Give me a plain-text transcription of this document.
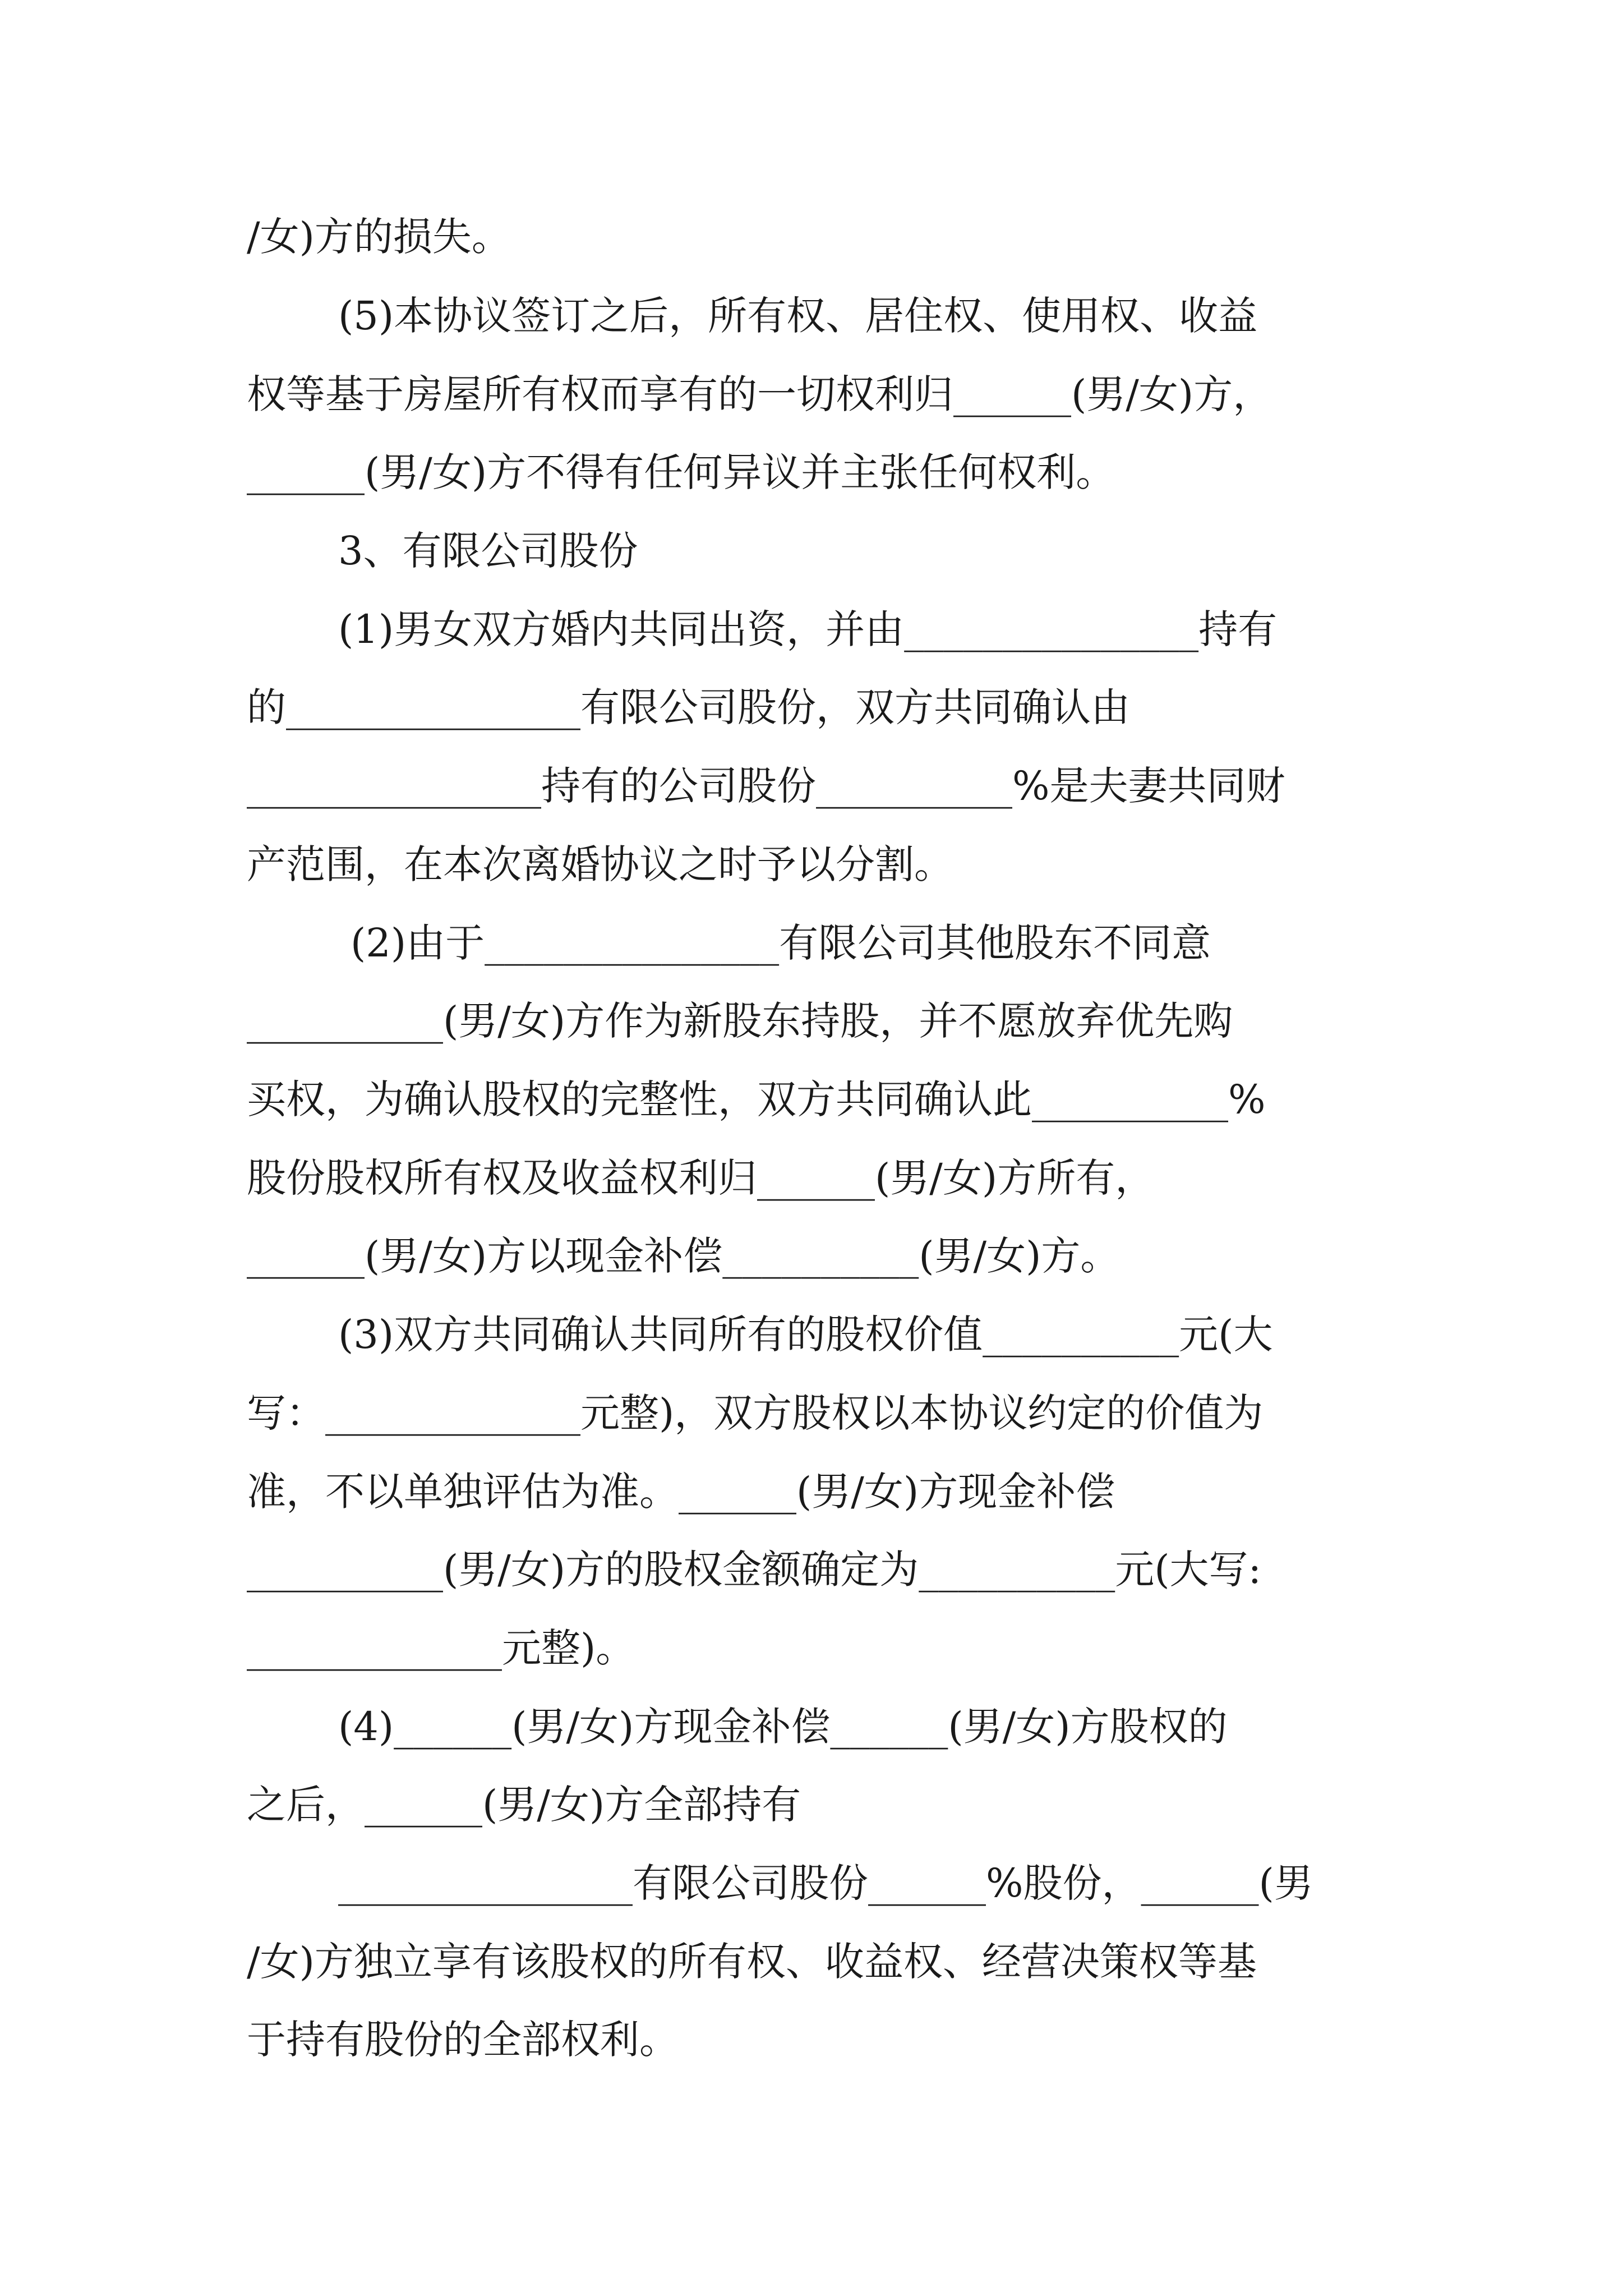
/女)方的损失。
(5)本协议签订之后，所有权、居住权、使用权、收益
权等基于房屋所有权而享有的一切权利归______(男/女)方，
______(男/女)方不得有任何异议并主张任何权利。
3、有限公司股份
(1)男女双方婚内共同出资，并由_______________持有
的_______________有限公司股份，双方共同确认由
_______________持有的公司股份__________%是夫妻共同财
产范围，在本次离婚协议之时予以分割。
(2)由于_______________有限公司其他股东不同意
__________(男/女)方作为新股东持股，并不愿放弃优先购
买权，为确认股权的完整性，双方共同确认此__________%
股份股权所有权及收益权利归______(男/女)方所有，
______(男/女)方以现金补偿__________(男/女)方。
(3)双方共同确认共同所有的股权价值__________元(大
写：_____________元整)，双方股权以本协议约定的价值为
准，不以单独评估为准。______(男/女)方现金补偿
__________(男/女)方的股权金额确定为__________元(大写:
_____________元整)。
(4)______(男/女)方现金补偿______(男/女)方股权的
之后，______(男/女)方全部持有
_______________有限公司股份______%股份，______(男
/女)方独立享有该股权的所有权、收益权、经营决策权等基
于持有股份的全部权利。
